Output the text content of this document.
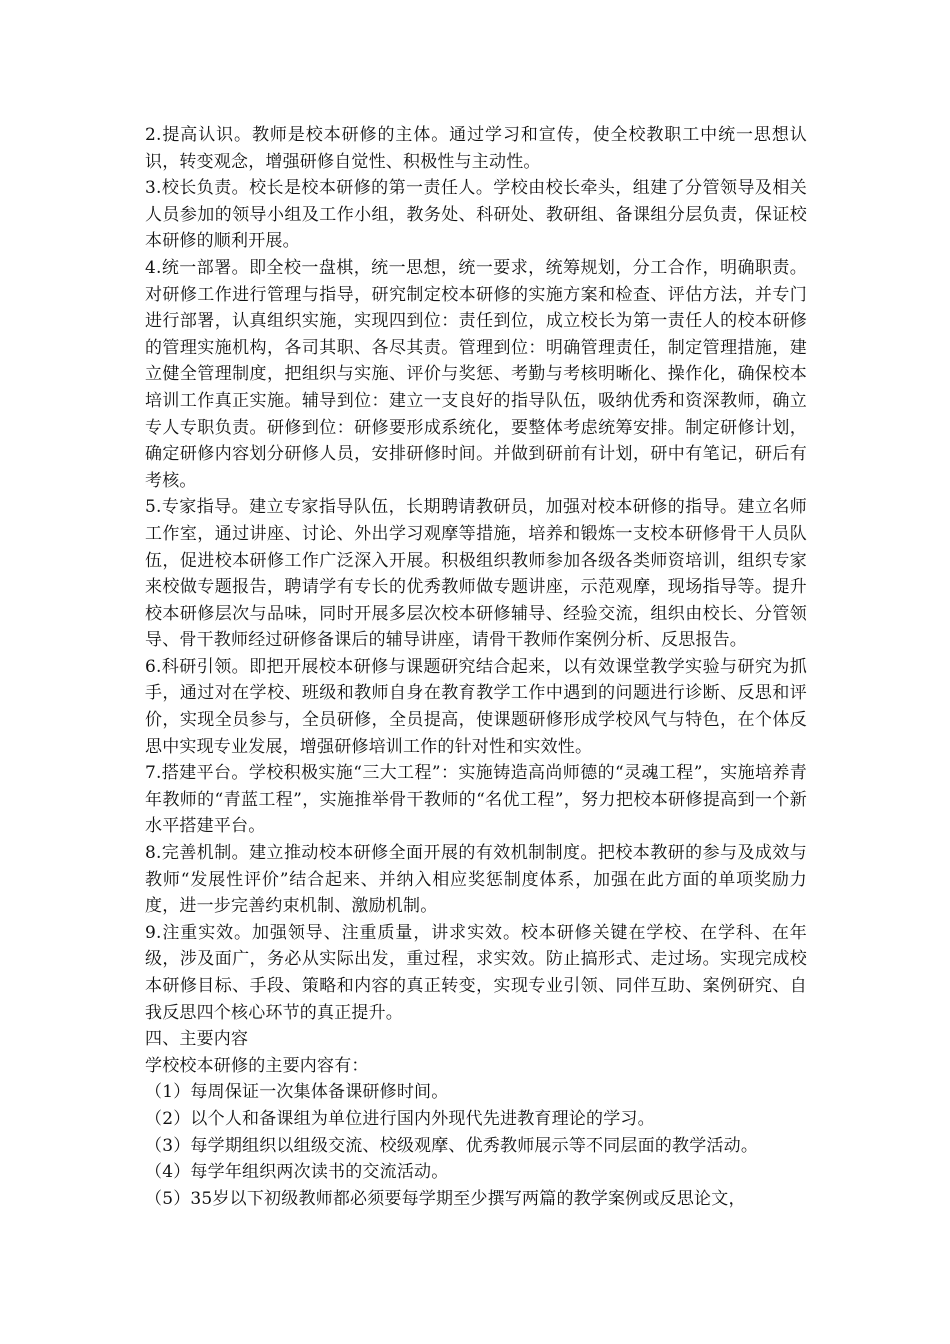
2.提高认识。教师是校本研修的主体。通过学习和宣传，使全校教职工中统一思想认识，转变观念，增强研修自觉性、积极性与主动性。

3.校长负责。校长是校本研修的第一责任人。学校由校长牵头，组建了分管领导及相关人员参加的领导小组及工作小组，教务处、科研处、教研组、备课组分层负责，保证校本研修的顺利开展。

4.统一部署。即全校一盘棋，统一思想，统一要求，统筹规划，分工合作，明确职责。对研修工作进行管理与指导，研究制定校本研修的实施方案和检查、评估方法，并专门进行部署，认真组织实施，实现四到位：责任到位，成立校长为第一责任人的校本研修的管理实施机构，各司其职、各尽其责。管理到位：明确管理责任，制定管理措施，建立健全管理制度，把组织与实施、评价与奖惩、考勤与考核明晰化、操作化，确保校本培训工作真正实施。辅导到位：建立一支良好的指导队伍，吸纳优秀和资深教师，确立专人专职负责。研修到位：研修要形成系统化，要整体考虑统筹安排。制定研修计划，确定研修内容划分研修人员，安排研修时间。并做到研前有计划，研中有笔记，研后有考核。

5.专家指导。建立专家指导队伍，长期聘请教研员，加强对校本研修的指导。建立名师工作室，通过讲座、讨论、外出学习观摩等措施，培养和锻炼一支校本研修骨干人员队伍，促进校本研修工作广泛深入开展。积极组织教师参加各级各类师资培训，组织专家来校做专题报告，聘请学有专长的优秀教师做专题讲座，示范观摩，现场指导等。提升校本研修层次与品味，同时开展多层次校本研修辅导、经验交流，组织由校长、分管领导、骨干教师经过研修备课后的辅导讲座，请骨干教师作案例分析、反思报告。

6.科研引领。即把开展校本研修与课题研究结合起来，以有效课堂教学实验与研究为抓手，通过对在学校、班级和教师自身在教育教学工作中遇到的问题进行诊断、反思和评价，实现全员参与，全员研修，全员提高，使课题研修形成学校风气与特色，在个体反思中实现专业发展，增强研修培训工作的针对性和实效性。

7.搭建平台。学校积极实施“三大工程”：实施铸造高尚师德的“灵魂工程”，实施培养青年教师的“青蓝工程”，实施推举骨干教师的“名优工程”，努力把校本研修提高到一个新水平搭建平台。

8.完善机制。建立推动校本研修全面开展的有效机制制度。把校本教研的参与及成效与教师“发展性评价”结合起来、并纳入相应奖惩制度体系，加强在此方面的单项奖励力度，进一步完善约束机制、激励机制。

9.注重实效。加强领导、注重质量，讲求实效。校本研修关键在学校、在学科、在年级，涉及面广，务必从实际出发，重过程，求实效。防止搞形式、走过场。实现完成校本研修目标、手段、策略和内容的真正转变，实现专业引领、同伴互助、案例研究、自我反思四个核心环节的真正提升。

四、主要内容

学校校本研修的主要内容有：

（1）每周保证一次集体备课研修时间。

（2）以个人和备课组为单位进行国内外现代先进教育理论的学习。

（3）每学期组织以组级交流、校级观摩、优秀教师展示等不同层面的教学活动。

（4）每学年组织两次读书的交流活动。

（5）35岁以下初级教师都必须要每学期至少撰写两篇的教学案例或反思论文，
